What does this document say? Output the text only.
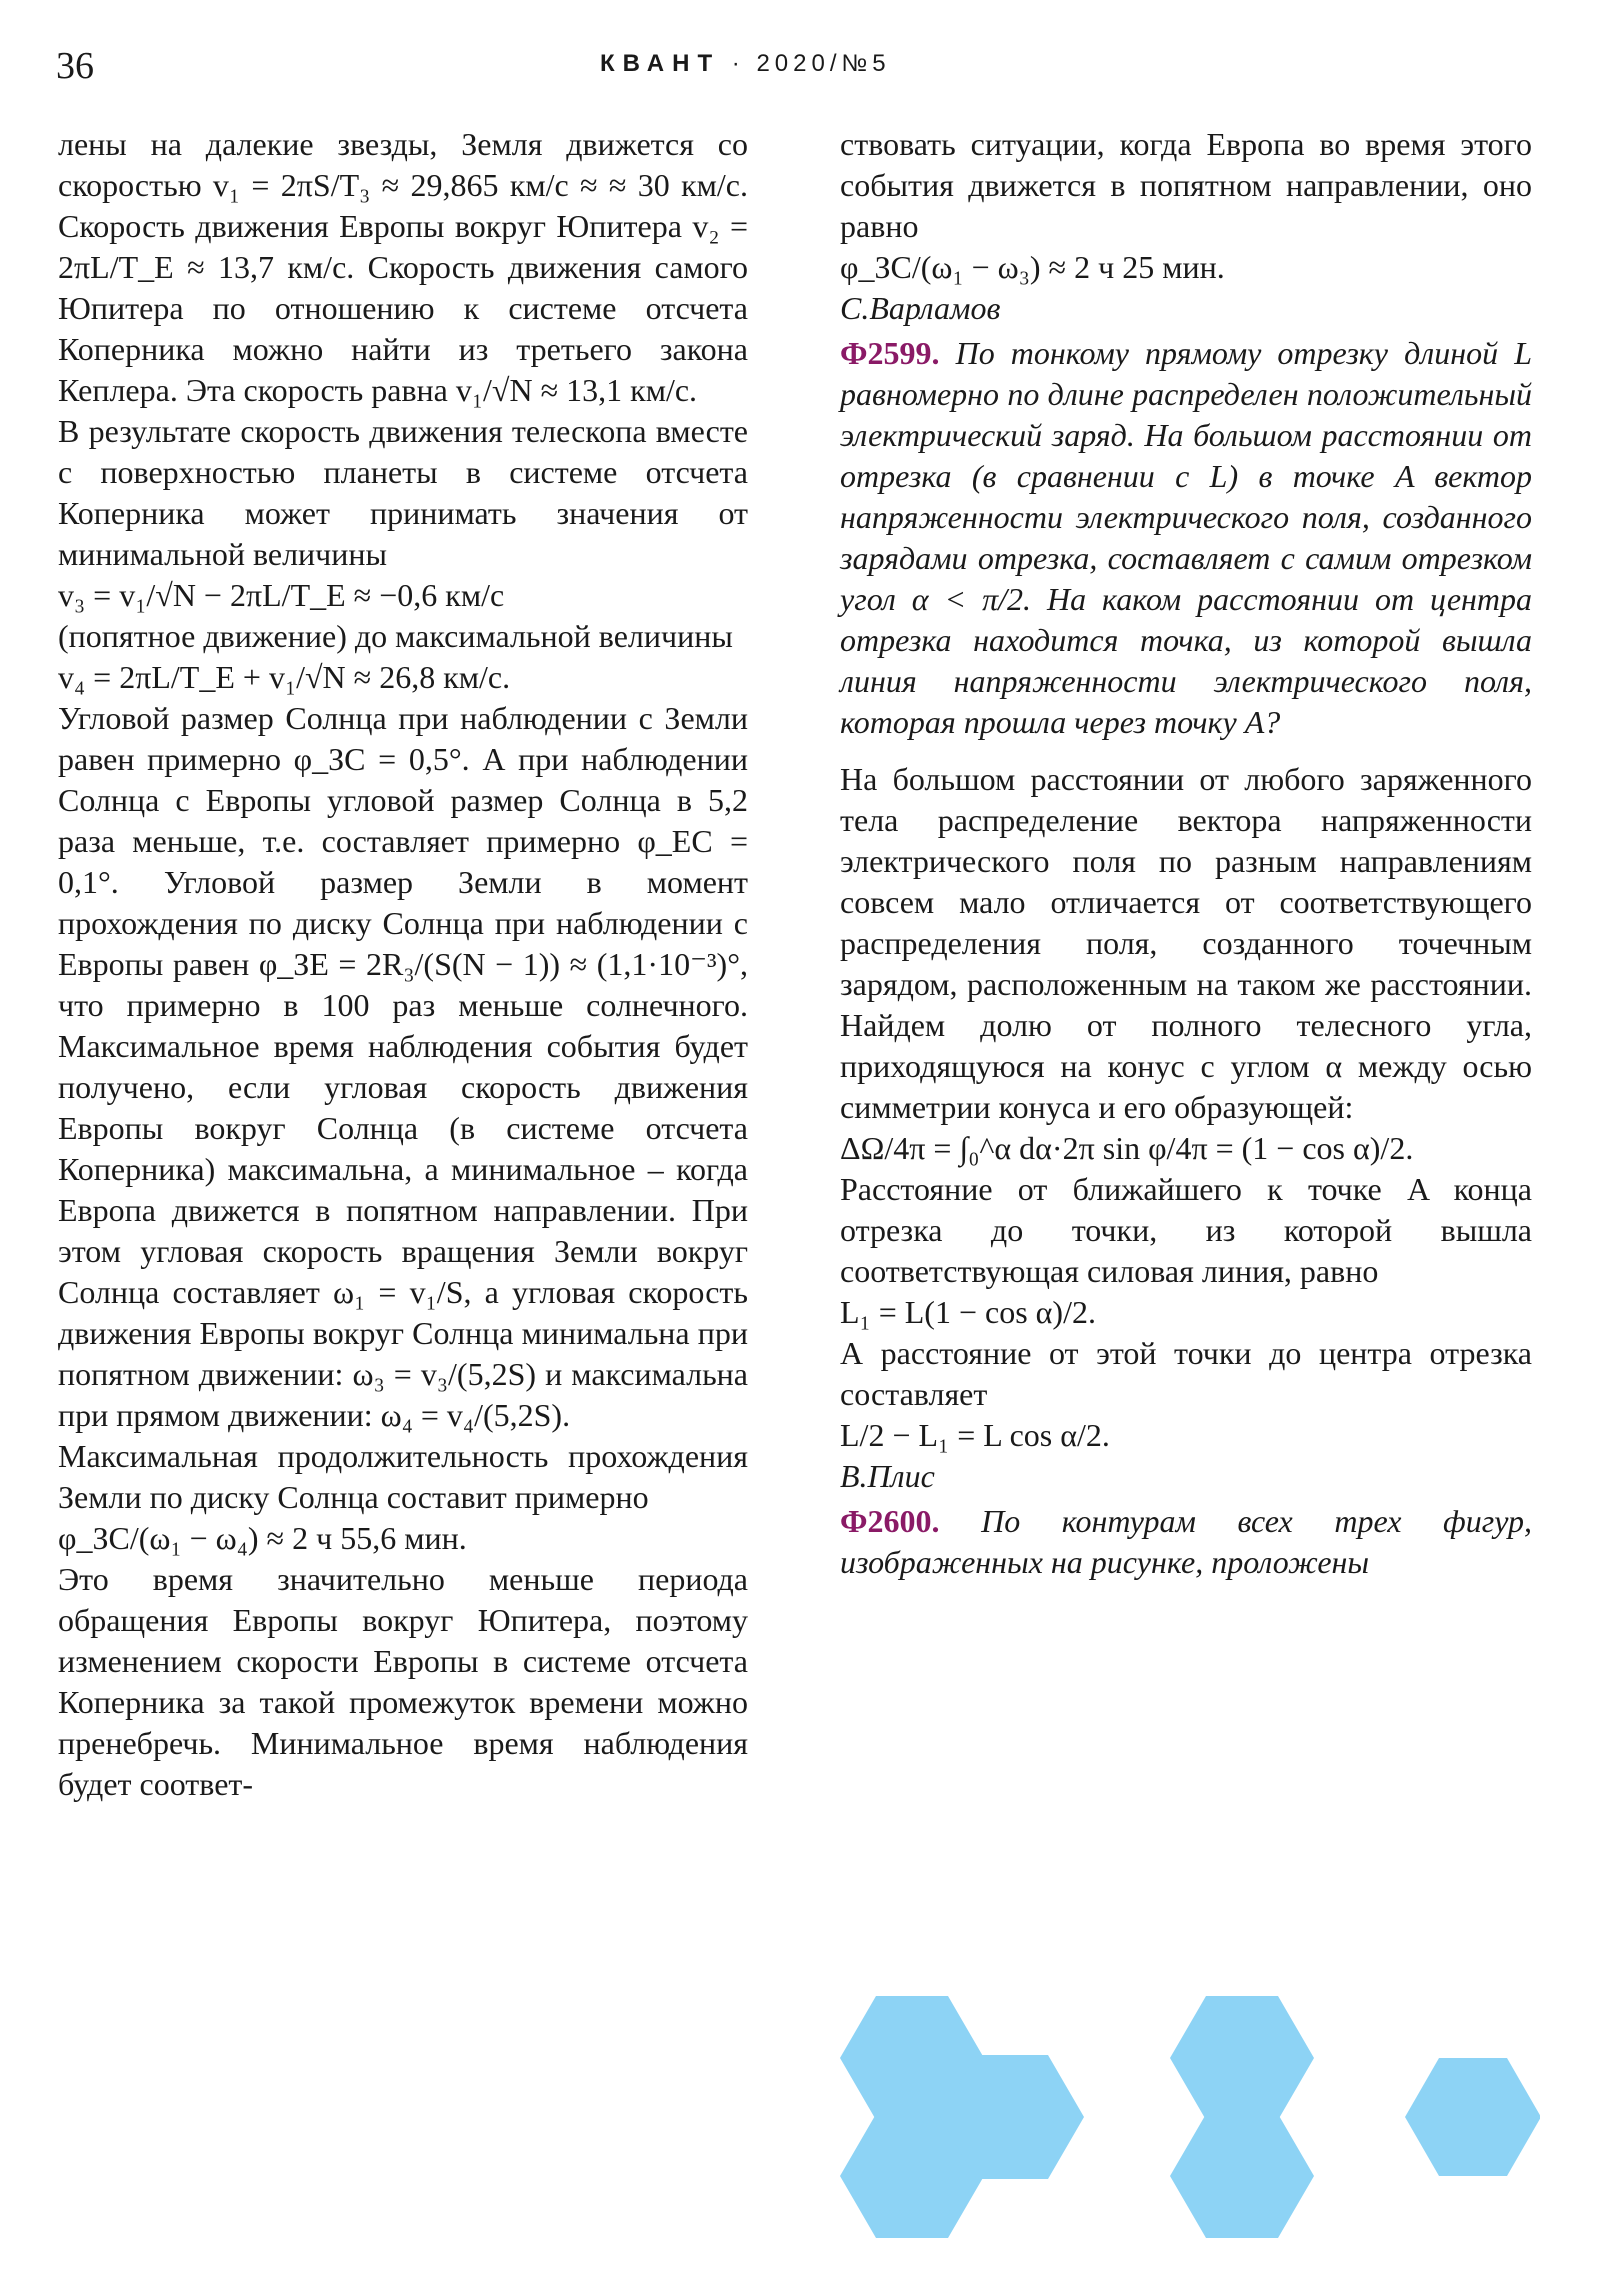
36	КВАНТ · 2020/№5

лены на далекие звезды, Земля движется со скоростью v₁ = 2πS/T₃ ≈ 29,865 км/с ≈ ≈ 30 км/с. Скорость движения Европы вокруг Юпитера v₂ = 2πL/T_E ≈ 13,7 км/с. Скорость движения самого Юпитера по отношению к системе отсчета Коперника можно найти из третьего закона Кеплера. Эта скорость равна v₁/√N ≈ 13,1 км/с.

В результате скорость движения телескопа вместе с поверхностью планеты в системе отсчета Коперника может принимать значения от минимальной величины

v₃ = v₁/√N − 2πL/T_E ≈ −0,6 км/с

(попятное движение) до максимальной величины

v₄ = 2πL/T_E + v₁/√N ≈ 26,8 км/с.

Угловой размер Солнца при наблюдении с Земли равен примерно φ_ЗС = 0,5°. А при наблюдении Солнца с Европы угловой размер Солнца в 5,2 раза меньше, т.е. составляет примерно φ_ЕС = 0,1°. Угловой размер Земли в момент прохождения по диску Солнца при наблюдении с Европы равен φ_ЗЕ = 2R₃/(S(N − 1)) ≈ (1,1·10⁻³)°, что примерно в 100 раз меньше солнечного. Максимальное время наблюдения события будет получено, если угловая скорость движения Европы вокруг Солнца (в системе отсчета Коперника) максимальна, а минимальное – когда Европа движется в попятном направлении. При этом угловая скорость вращения Земли вокруг Солнца составляет ω₁ = v₁/S, а угловая скорость движения Европы вокруг Солнца минимальна при попятном движении: ω₃ = v₃/(5,2S) и максимальна при прямом движении: ω₄ = v₄/(5,2S).

Максимальная продолжительность прохождения Земли по диску Солнца составит примерно

φ_ЗС/(ω₁ − ω₄) ≈ 2 ч 55,6 мин.

Это время значительно меньше периода обращения Европы вокруг Юпитера, поэтому изменением скорости Европы в системе отсчета Коперника за такой промежуток времени можно пренебречь. Минимальное время наблюдения будет соответ-

ствовать ситуации, когда Европа во время этого события движется в попятном направлении, оно равно

φ_ЗС/(ω₁ − ω₃) ≈ 2 ч 25 мин.

С.Варламов

Ф2599. По тонкому прямому отрезку длиной L равномерно по длине распределен положительный электрический заряд. На большом расстоянии от отрезка (в сравнении с L) в точке A вектор напряженности электрического поля, созданного зарядами отрезка, составляет с самим отрезком угол α < π/2. На каком расстоянии от центра отрезка находится точка, из которой вышла линия напряженности электрического поля, которая прошла через точку A?

На большом расстоянии от любого заряженного тела распределение вектора напряженности электрического поля по разным направлениям совсем мало отличается от соответствующего распределения поля, созданного точечным зарядом, расположенным на таком же расстоянии. Найдем долю от полного телесного угла, приходящуюся на конус с углом α между осью симметрии конуса и его образующей:

ΔΩ/4π = ∫₀^α dα·2π sin φ/4π = (1 − cos α)/2.

Расстояние от ближайшего к точке A конца отрезка до точки, из которой вышла соответствующая силовая линия, равно

L₁ = L(1 − cos α)/2.

А расстояние от этой точки до центра отрезка составляет

L/2 − L₁ = L cos α/2.

В.Плис

Ф2600. По контурам всех трех фигур, изображенных на рисунке, проложены
